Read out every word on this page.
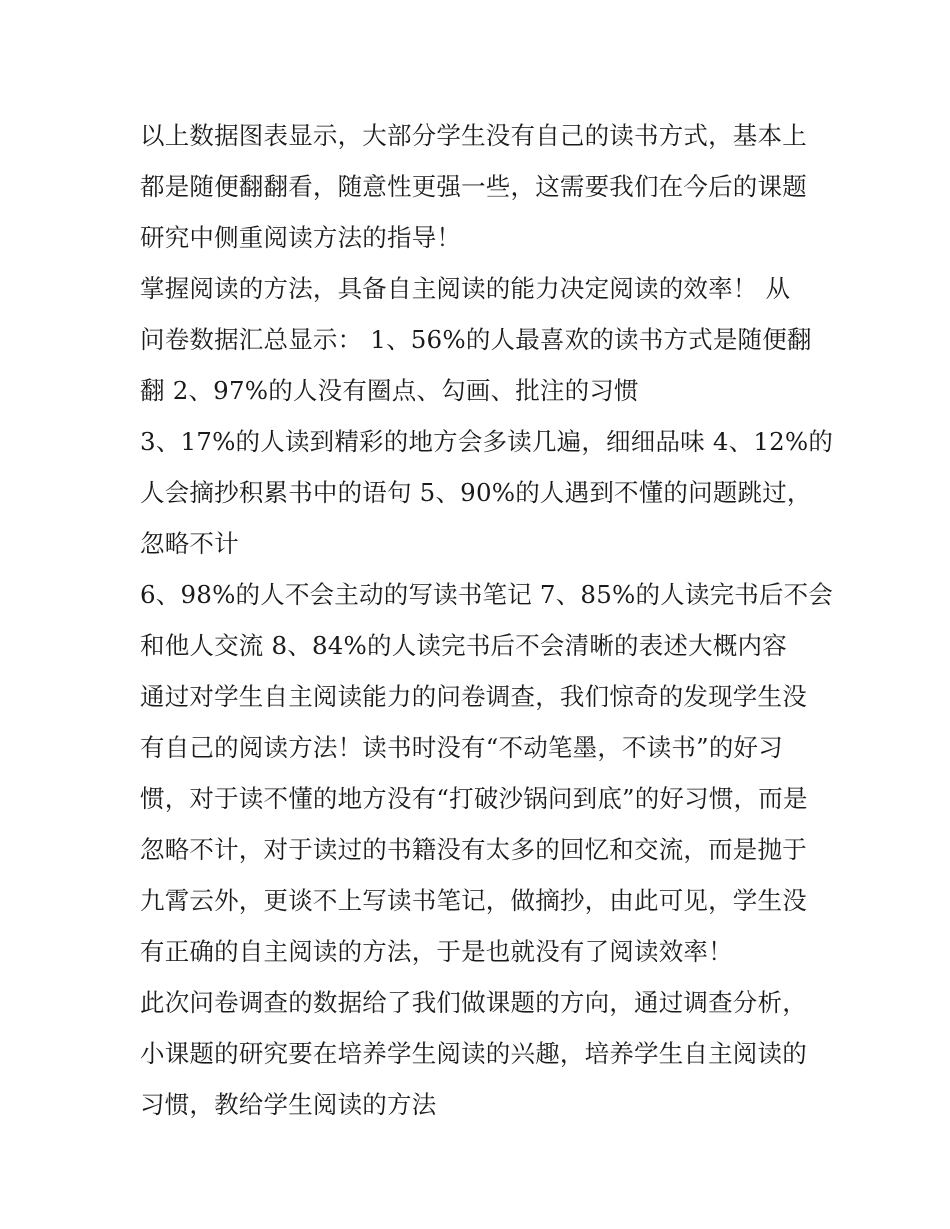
以上数据图表显示，大部分学生没有自己的读书方式，基本上
都是随便翻翻看，随意性更强一些，这需要我们在今后的课题
研究中侧重阅读方法的指导！
掌握阅读的方法，具备自主阅读的能力决定阅读的效率！ 从
问卷数据汇总显示： 1、56%的人最喜欢的读书方式是随便翻
翻 2、97%的人没有圈点、勾画、批注的习惯
3、17%的人读到精彩的地方会多读几遍，细细品味 4、12%的
人会摘抄积累书中的语句 5、90%的人遇到不懂的问题跳过，
忽略不计
6、98%的人不会主动的写读书笔记 7、85%的人读完书后不会
和他人交流 8、84%的人读完书后不会清晰的表述大概内容
通过对学生自主阅读能力的问卷调查，我们惊奇的发现学生没
有自己的阅读方法！读书时没有“不动笔墨，不读书”的好习
惯，对于读不懂的地方没有“打破沙锅问到底”的好习惯，而是
忽略不计，对于读过的书籍没有太多的回忆和交流，而是抛于
九霄云外，更谈不上写读书笔记，做摘抄，由此可见，学生没
有正确的自主阅读的方法，于是也就没有了阅读效率！
此次问卷调查的数据给了我们做课题的方向，通过调查分析，
小课题的研究要在培养学生阅读的兴趣，培养学生自主阅读的
习惯，教给学生阅读的方法
